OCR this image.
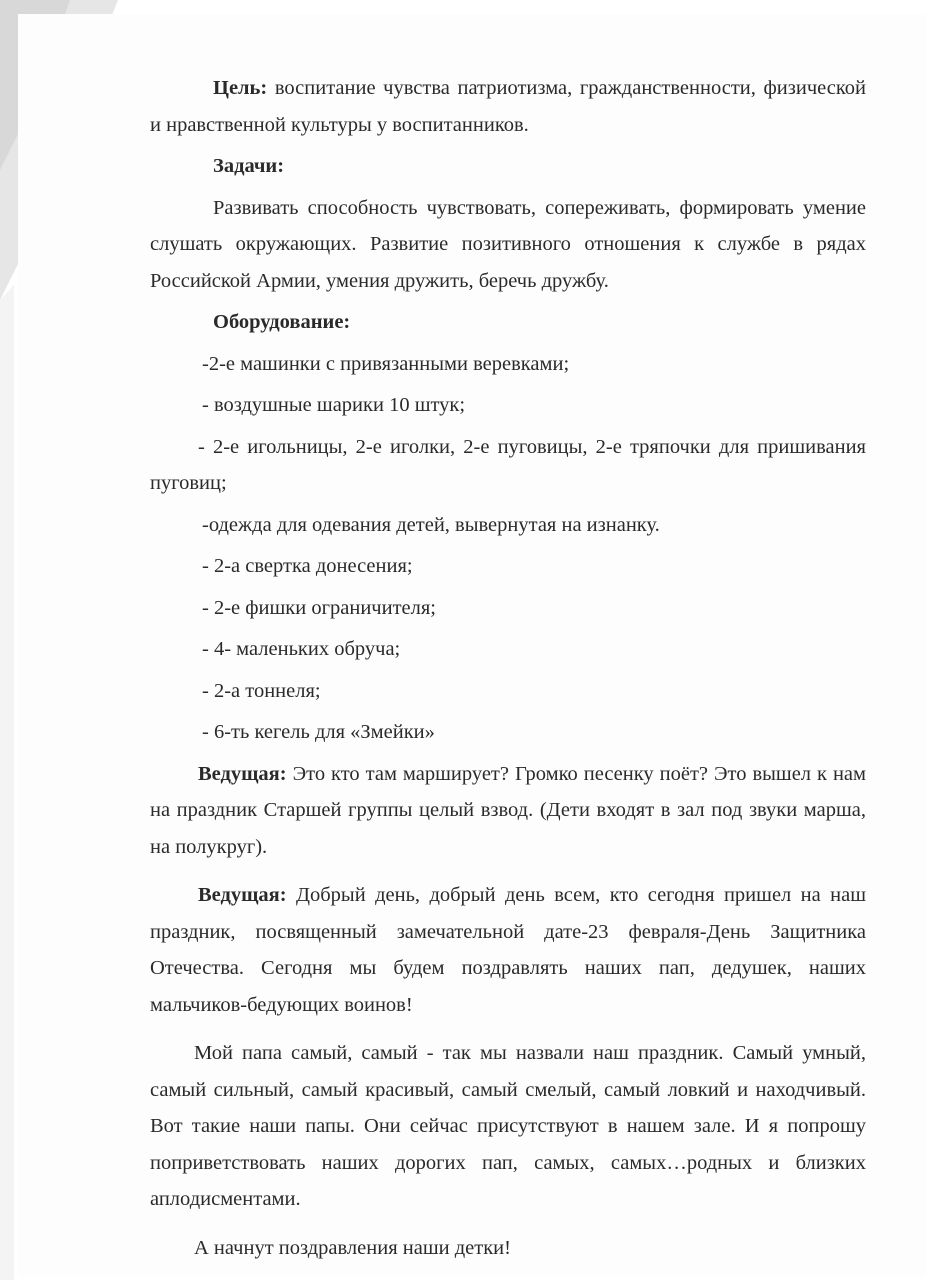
Цель: воспитание чувства патриотизма, гражданственности, физической и нравственной культуры у воспитанников.

Задачи:

Развивать способность чувствовать, сопереживать, формировать умение слушать окружающих. Развитие позитивного отношения к службе в рядах Российской Армии, умения дружить, беречь дружбу.

Оборудование:

-2-е машинки с привязанными веревками;

- воздушные шарики 10 штук;

- 2-е игольницы, 2-е иголки, 2-е пуговицы, 2-е тряпочки для пришивания пуговиц;

-одежда для одевания детей, вывернутая на изнанку.

- 2-а свертка донесения;

- 2-е фишки ограничителя;

- 4- маленьких обруча;

- 2-а тоннеля;

- 6-ть кегель для «Змейки»

Ведущая: Это кто там марширует? Громко песенку поёт? Это вышел к нам на праздник Старшей группы целый взвод. (Дети входят в зал под звуки марша, на полукруг).

Ведущая: Добрый день, добрый день всем, кто сегодня пришел на наш праздник, посвященный замечательной дате-23 февраля-День Защитника Отечества. Сегодня мы будем поздравлять наших пап, дедушек, наших мальчиков-бедующих воинов!

Мой папа самый, самый - так мы назвали наш праздник. Самый умный, самый сильный, самый красивый, самый смелый, самый ловкий и находчивый. Вот такие наши папы. Они сейчас присутствуют в нашем зале. И я попрошу поприветствовать наших дорогих пап, самых, самых…родных и близких аплодисментами.

А начнут поздравления наши детки!
